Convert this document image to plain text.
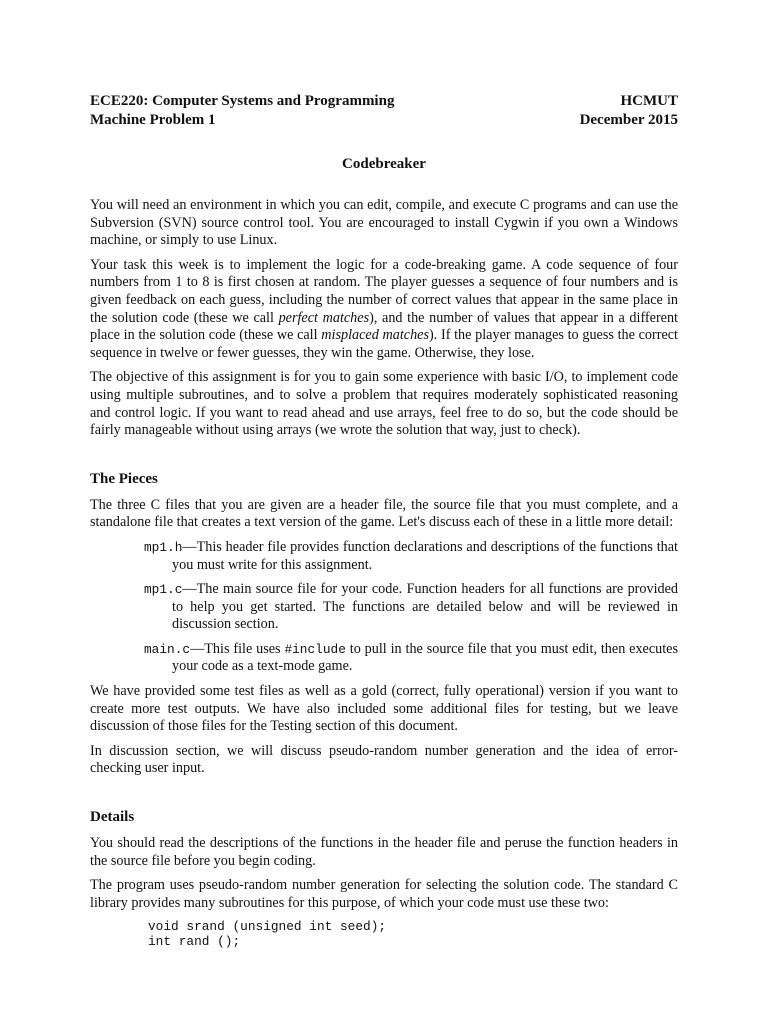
ECE220: Computer Systems and Programming	HCMUT
Machine Problem 1	December 2015
Codebreaker

You will need an environment in which you can edit, compile, and execute C programs and can use the Subversion (SVN) source control tool. You are encouraged to install Cygwin if you own a Windows machine, or simply to use Linux.

Your task this week is to implement the logic for a code-breaking game. A code sequence of four numbers from 1 to 8 is first chosen at random. The player guesses a sequence of four numbers and is given feedback on each guess, including the number of correct values that appear in the same place in the solution code (these we call perfect matches), and the number of values that appear in a different place in the solution code (these we call misplaced matches). If the player manages to guess the correct sequence in twelve or fewer guesses, they win the game. Otherwise, they lose.

The objective of this assignment is for you to gain some experience with basic I/O, to implement code using multiple subroutines, and to solve a problem that requires moderately sophisticated reasoning and control logic. If you want to read ahead and use arrays, feel free to do so, but the code should be fairly manageable without using arrays (we wrote the solution that way, just to check).

The Pieces

The three C files that you are given are a header file, the source file that you must complete, and a standalone file that creates a text version of the game. Let's discuss each of these in a little more detail:

mp1.h—This header file provides function declarations and descriptions of the functions that you must write for this assignment.

mp1.c—The main source file for your code. Function headers for all functions are provided to help you get started. The functions are detailed below and will be reviewed in discussion section.

main.c—This file uses #include to pull in the source file that you must edit, then executes your code as a text-mode game.

We have provided some test files as well as a gold (correct, fully operational) version if you want to create more test outputs. We have also included some additional files for testing, but we leave discussion of those files for the Testing section of this document.

In discussion section, we will discuss pseudo-random number generation and the idea of error-checking user input.

Details

You should read the descriptions of the functions in the header file and peruse the function headers in the source file before you begin coding.

The program uses pseudo-random number generation for selecting the solution code. The standard C library provides many subroutines for this purpose, of which your code must use these two:

void srand (unsigned int seed);
int rand ();
